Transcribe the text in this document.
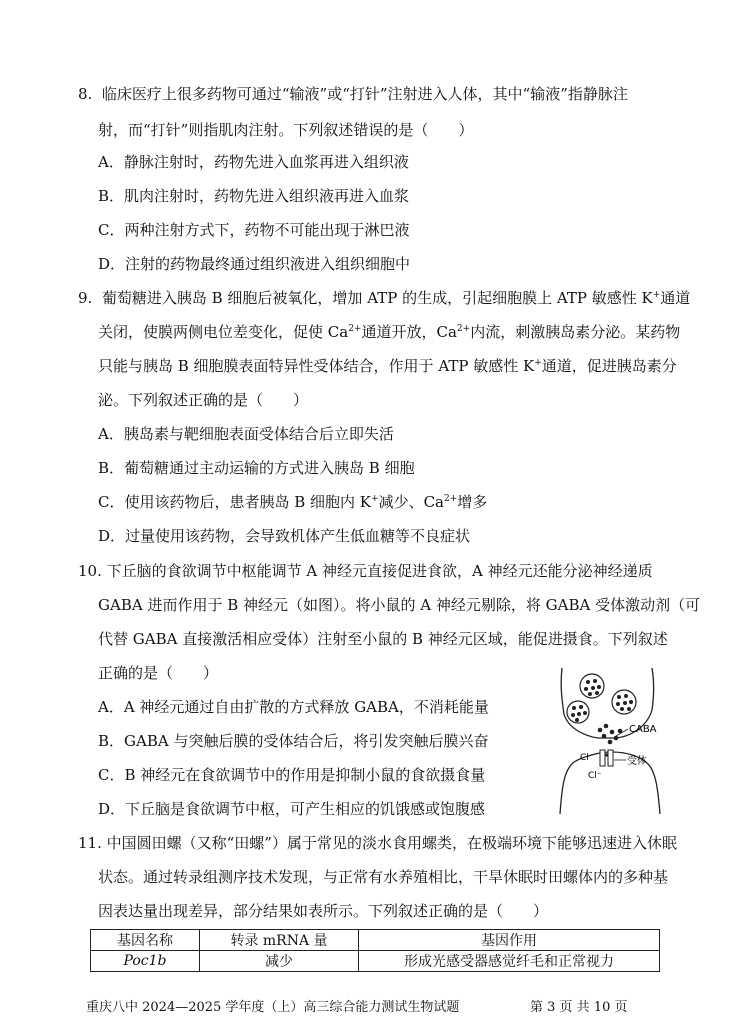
8. 临床医疗上很多药物可通过“输液”或“打针”注射进入人体，其中“输液”指静脉注
射，而“打针”则指肌肉注射。下列叙述错误的是（　　）
A．静脉注射时，药物先进入血浆再进入组织液
B．肌肉注射时，药物先进入组织液再进入血浆
C．两种注射方式下，药物不可能出现于淋巴液
D．注射的药物最终通过组织液进入组织细胞中
9. 葡萄糖进入胰岛 B 细胞后被氧化，增加 ATP 的生成，引起细胞膜上 ATP 敏感性 K+通道
关闭，使膜两侧电位差变化，促使 $Ca^{2+}$通道开放，$Ca^{2+}$内流，刺激胰岛素分泌。某药物
只能与胰岛 B 细胞膜表面特异性受体结合，作用于 ATP 敏感性 K+通道，促进胰岛素分
泌。下列叙述正确的是（　　）
A．胰岛素与靶细胞表面受体结合后立即失活
B．葡萄糖通过主动运输的方式进入胰岛 B 细胞
C．使用该药物后，患者胰岛 B 细胞内 K+减少、$Ca^{2+}$增多
D．过量使用该药物，会导致机体产生低血糖等不良症状
10. 下丘脑的食欲调节中枢能调节 A 神经元直接促进食欲，A 神经元还能分泌神经递质
GABA 进而作用于 B 神经元（如图）。将小鼠的 A 神经元剔除，将 GABA 受体激动剂（可
代替 GABA 直接激活相应受体）注射至小鼠的 B 神经元区域，能促进摄食。下列叙述
正确的是（　　）
A．A 神经元通过自由扩散的方式释放 GABA，不消耗能量
B．GABA 与突触后膜的受体结合后，将引发突触后膜兴奋
C．B 神经元在食欲调节中的作用是抑制小鼠的食欲摄食量
D．下丘脑是食欲调节中枢，可产生相应的饥饿感或饱腹感
CABA
Cl⁻
Cl⁻
受体
11. 中国圆田螺（又称“田螺”）属于常见的淡水食用螺类，在极端环境下能够迅速进入休眠
状态。通过转录组测序技术发现，与正常有水养殖相比，干旱休眠时田螺体内的多种基
因表达量出现差异，部分结果如表所示。下列叙述正确的是（　　）
基因名称	转录 mRNA 量	基因作用
Poc1b	减少	形成光感受器感觉纤毛和正常视力
重庆八中 2024—2025 学年度（上）高三综合能力测试生物试题	第 3 页 共 10 页
